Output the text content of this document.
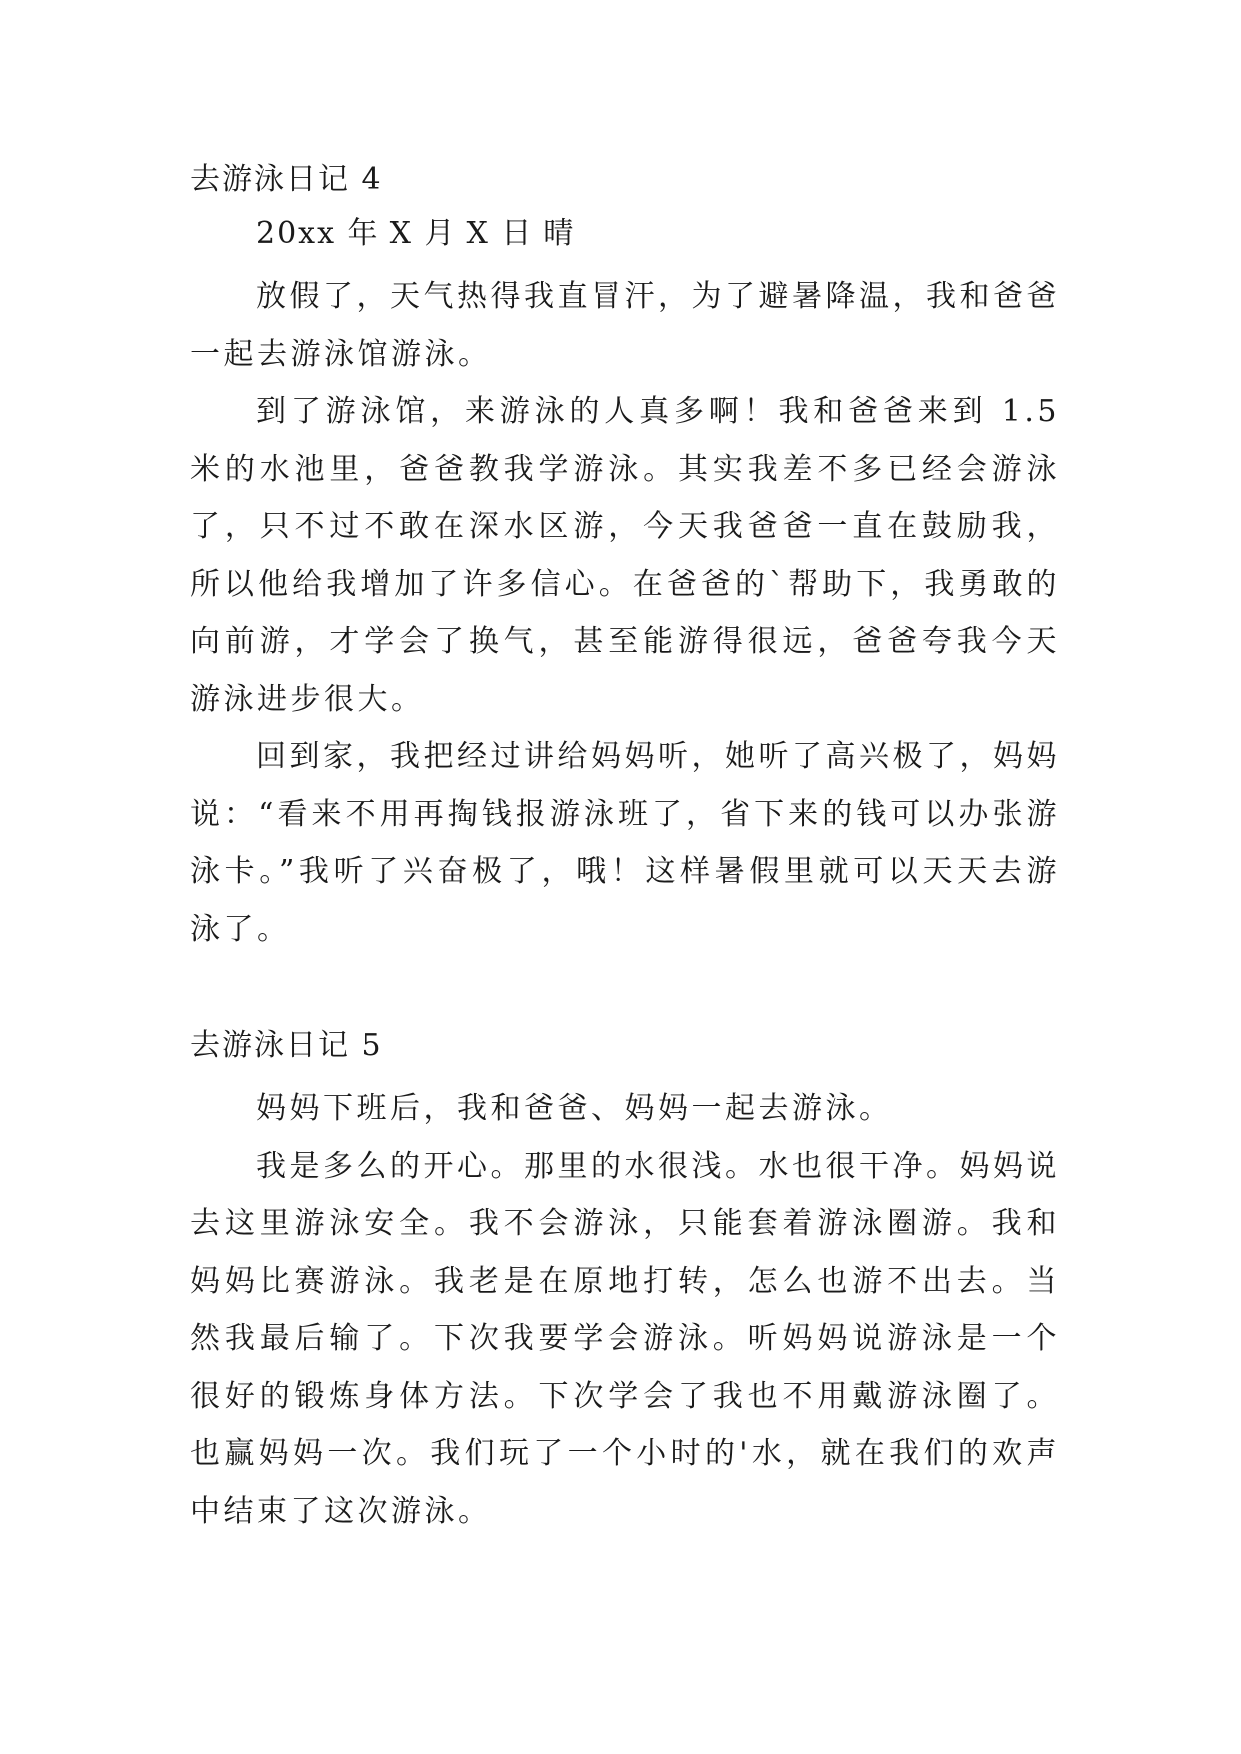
去游泳日记 4
20xx 年 X 月 X 日 晴

放假了，天气热得我直冒汗，为了避暑降温，我和爸爸一起去游泳馆游泳。

到了游泳馆，来游泳的人真多啊！我和爸爸来到 1.5 米的水池里，爸爸教我学游泳。其实我差不多已经会游泳了，只不过不敢在深水区游，今天我爸爸一直在鼓励我，所以他给我增加了许多信心。在爸爸的`帮助下，我勇敢的向前游，才学会了换气，甚至能游得很远，爸爸夸我今天游泳进步很大。

回到家，我把经过讲给妈妈听，她听了高兴极了，妈妈说：“看来不用再掏钱报游泳班了，省下来的钱可以办张游泳卡。”我听了兴奋极了，哦！这样暑假里就可以天天去游泳了。

去游泳日记 5

妈妈下班后，我和爸爸、妈妈一起去游泳。

我是多么的开心。那里的水很浅。水也很干净。妈妈说去这里游泳安全。我不会游泳，只能套着游泳圈游。我和妈妈比赛游泳。我老是在原地打转，怎么也游不出去。当然我最后输了。下次我要学会游泳。听妈妈说游泳是一个很好的锻炼身体方法。下次学会了我也不用戴游泳圈了。也赢妈妈一次。我们玩了一个小时的'水，就在我们的欢声中结束了这次游泳。
